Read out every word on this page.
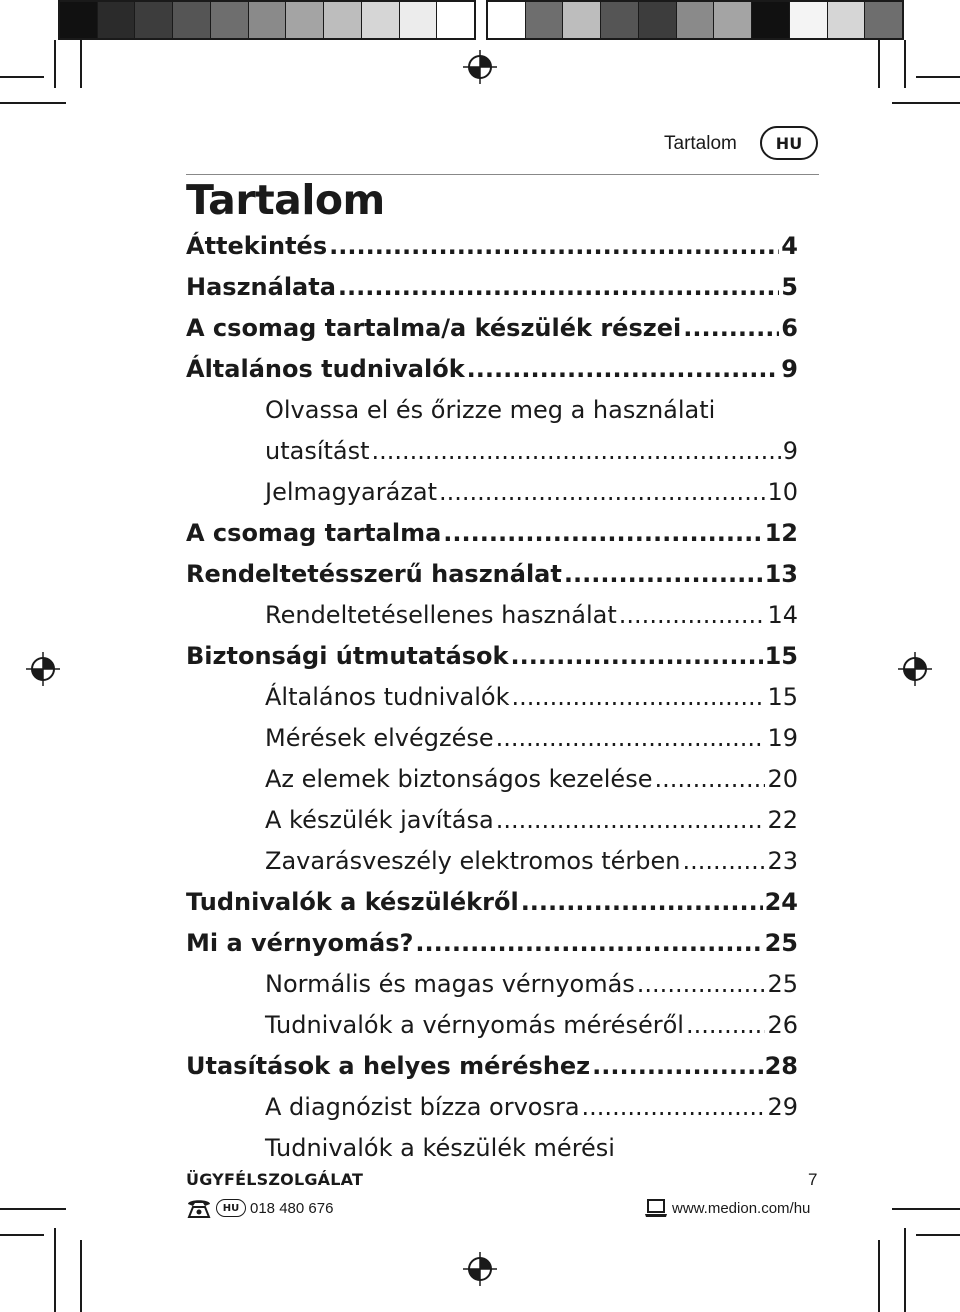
Tartalom	HU
Tartalom
Áttekintés .....	4
Használata .....	5
A csomag tartalma/a készülék részei .....	6
Általános tudnivalók .....	9
Olvassa el és őrizze meg a használati
utasítást .....	9
Jelmagyarázat .....	10
A csomag tartalma .....	12
Rendeltetésszerű használat .....	13
Rendeltetésellenes használat .....	14
Biztonsági útmutatások .....	15
Általános tudnivalók .....	15
Mérések elvégzése .....	19
Az elemek biztonságos kezelése .....	20
A készülék javítása .....	22
Zavarásveszély elektromos térben .....	23
Tudnivalók a készülékről .....	24
Mi a vérnyomás? .....	25
Normális és magas vérnyomás .....	25
Tudnivalók a vérnyomás méréséről .....	26
Utasítások a helyes méréshez .....	28
A diagnózist bízza orvosra .....	29
Tudnivalók a készülék mérési
ÜGYFÉLSZOLGÁLAT	7
HU 018 480 676	www.medion.com/hu
